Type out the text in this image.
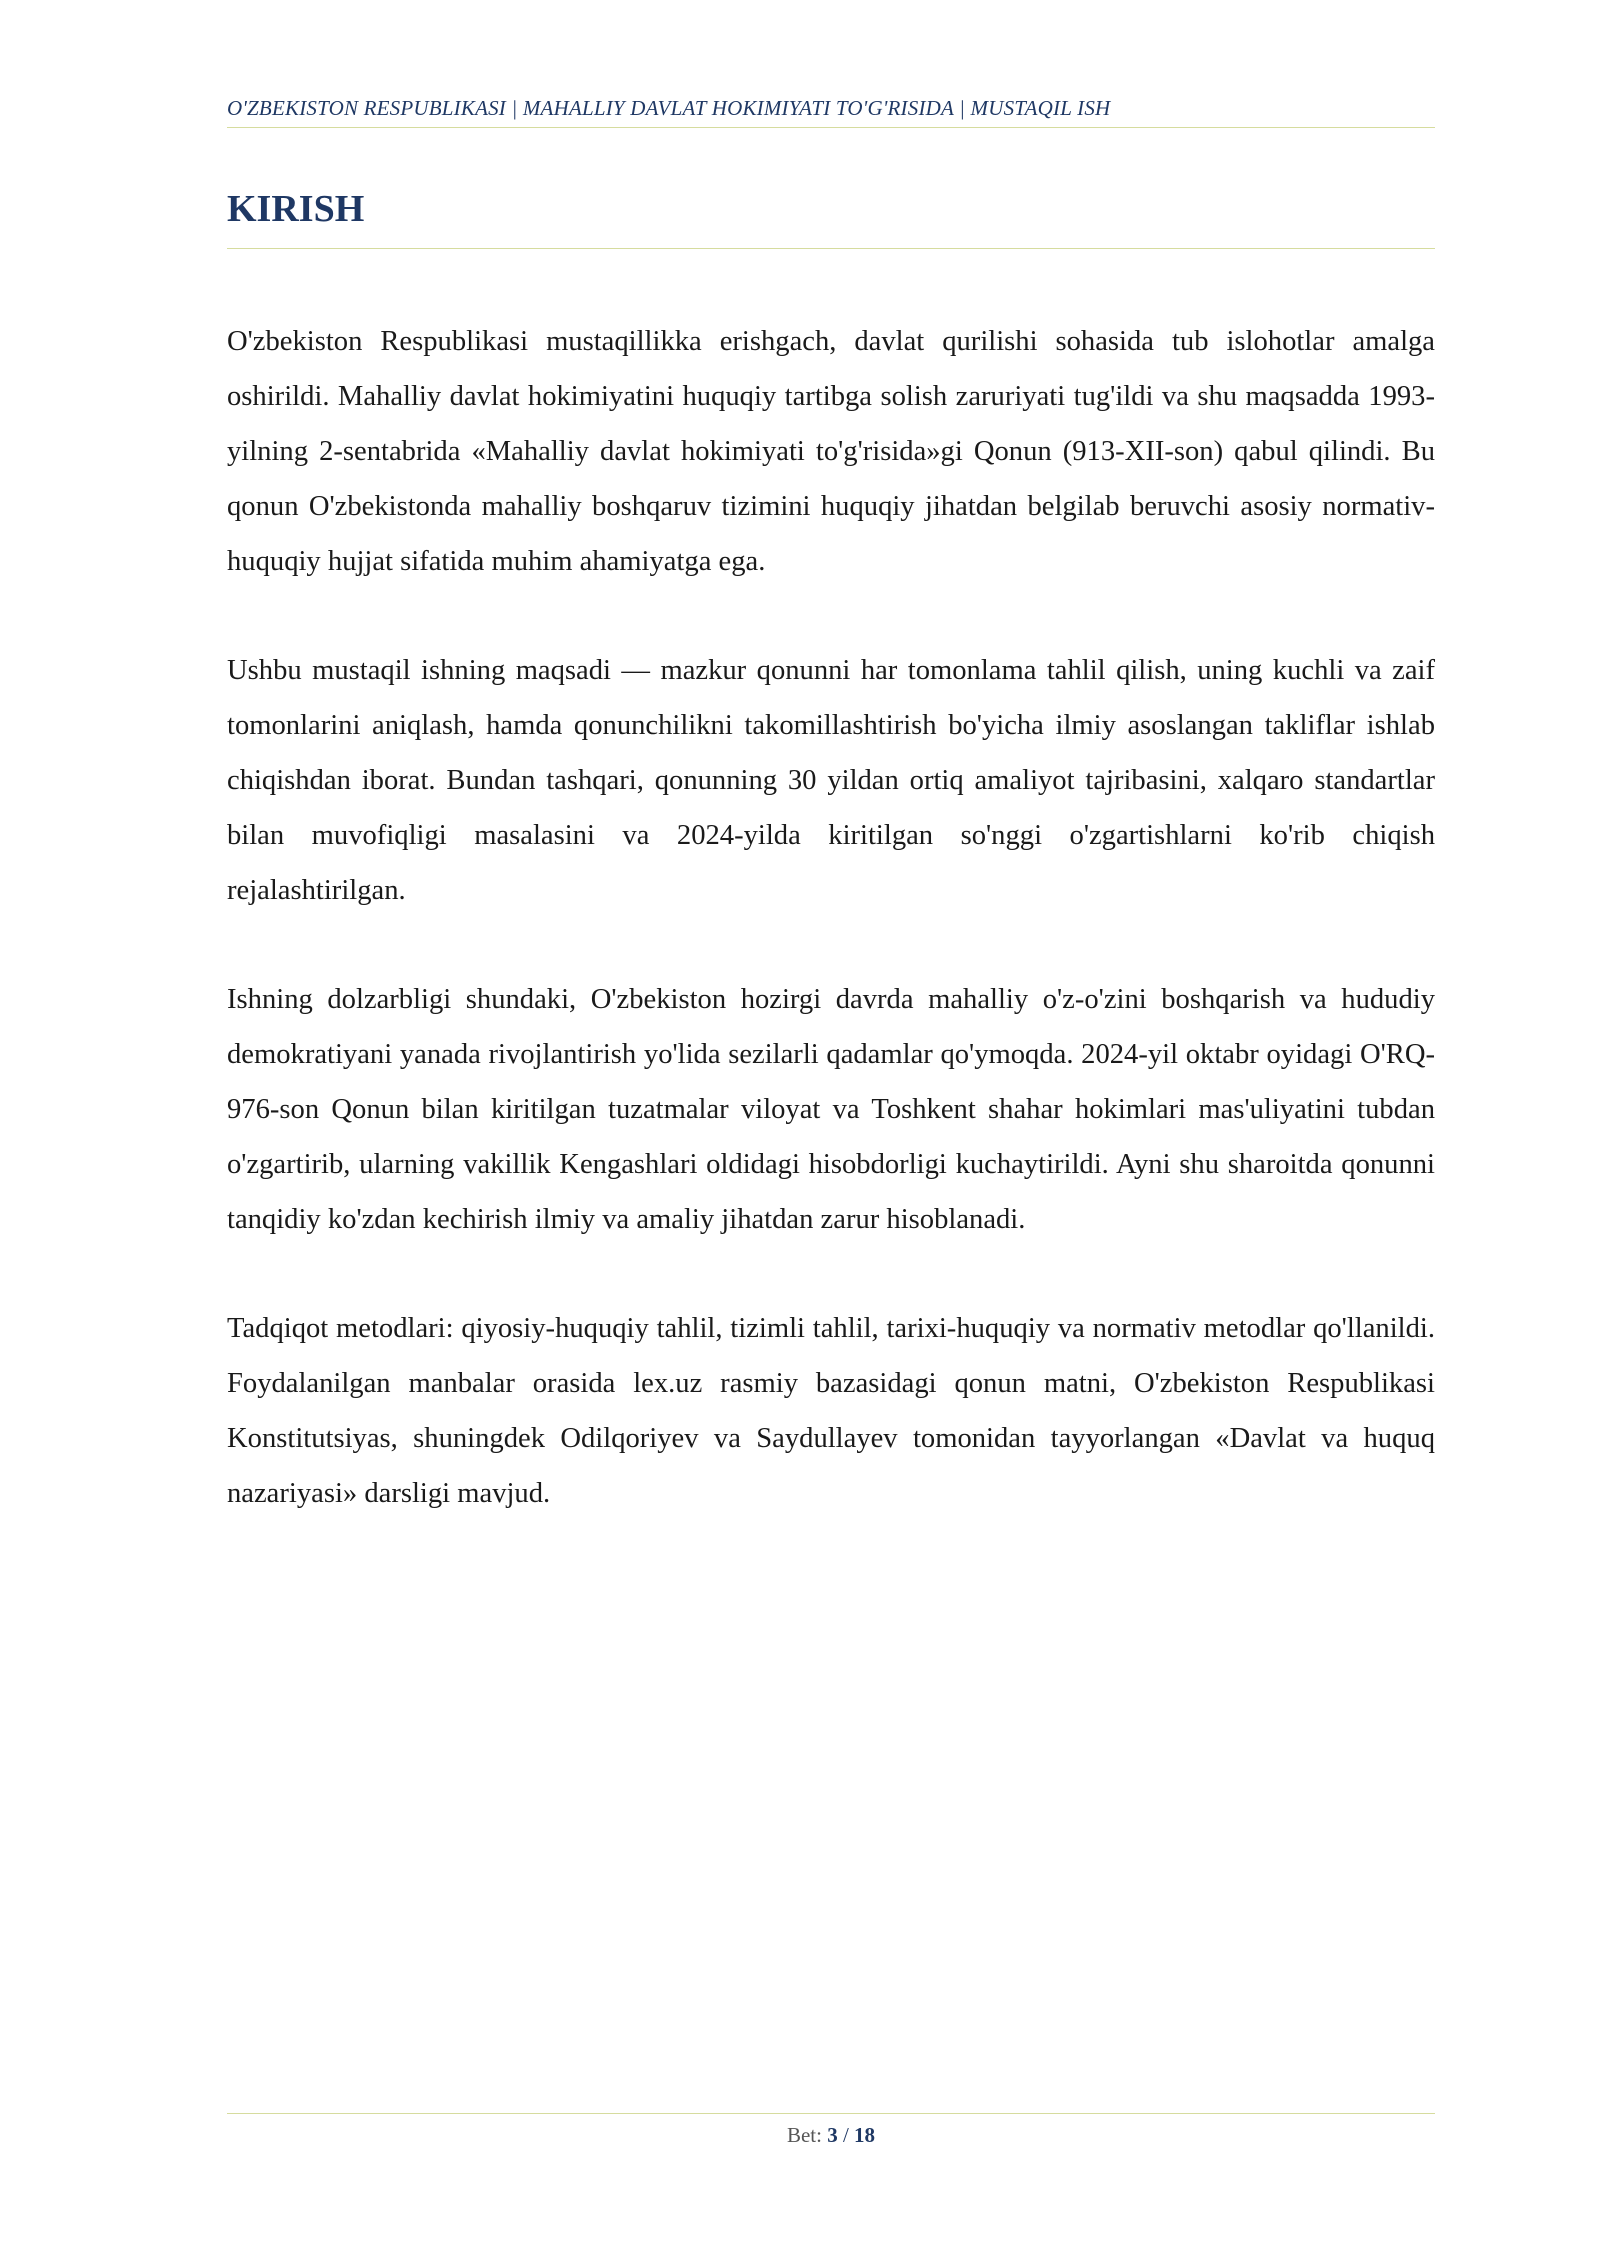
O'ZBEKISTON RESPUBLIKASI | MAHALLIY DAVLAT HOKIMIYATI TO'G'RISIDA | MUSTAQIL ISH
KIRISH

O'zbekiston Respublikasi mustaqillikka erishgach, davlat qurilishi sohasida tub islohotlar amalga oshirildi. Mahalliy davlat hokimiyatini huquqiy tartibga solish zaruriyati tug'ildi va shu maqsadda 1993-yilning 2-sentabrida «Mahalliy davlat hokimiyati to'g'risida»gi Qonun (913-XII-son) qabul qilindi. Bu qonun O'zbekistonda mahalliy boshqaruv tizimini huquqiy jihatdan belgilab beruvchi asosiy normativ-huquqiy hujjat sifatida muhim ahamiyatga ega.

Ushbu mustaqil ishning maqsadi — mazkur qonunni har tomonlama tahlil qilish, uning kuchli va zaif tomonlarini aniqlash, hamda qonunchilikni takomillashtirish bo'yicha ilmiy asoslangan takliflar ishlab chiqishdan iborat. Bundan tashqari, qonunning 30 yildan ortiq amaliyot tajribasini, xalqaro standartlar bilan muvofiqligi masalasini va 2024-yilda kiritilgan so'nggi o'zgartishlarni ko'rib chiqish rejalashtirilgan.

Ishning dolzarbligi shundaki, O'zbekiston hozirgi davrda mahalliy o'z-o'zini boshqarish va hududiy demokratiyani yanada rivojlantirish yo'lida sezilarli qadamlar qo'ymoqda. 2024-yil oktabr oyidagi O'RQ-976-son Qonun bilan kiritilgan tuzatmalar viloyat va Toshkent shahar hokimlari mas'uliyatini tubdan o'zgartirib, ularning vakillik Kengashlari oldidagi hisobdorligi kuchaytirildi. Ayni shu sharoitda qonunni tanqidiy ko'zdan kechirish ilmiy va amaliy jihatdan zarur hisoblanadi.

Tadqiqot metodlari: qiyosiy-huquqiy tahlil, tizimli tahlil, tarixi-huquqiy va normativ metodlar qo'llanildi. Foydalanilgan manbalar orasida lex.uz rasmiy bazasidagi qonun matni, O'zbekiston Respublikasi Konstitutsiyas, shuningdek Odilqoriyev va Saydullayev tomonidan tayyorlangan «Davlat va huquq nazariyasi» darsligi mavjud.

Bet: 3 / 18
